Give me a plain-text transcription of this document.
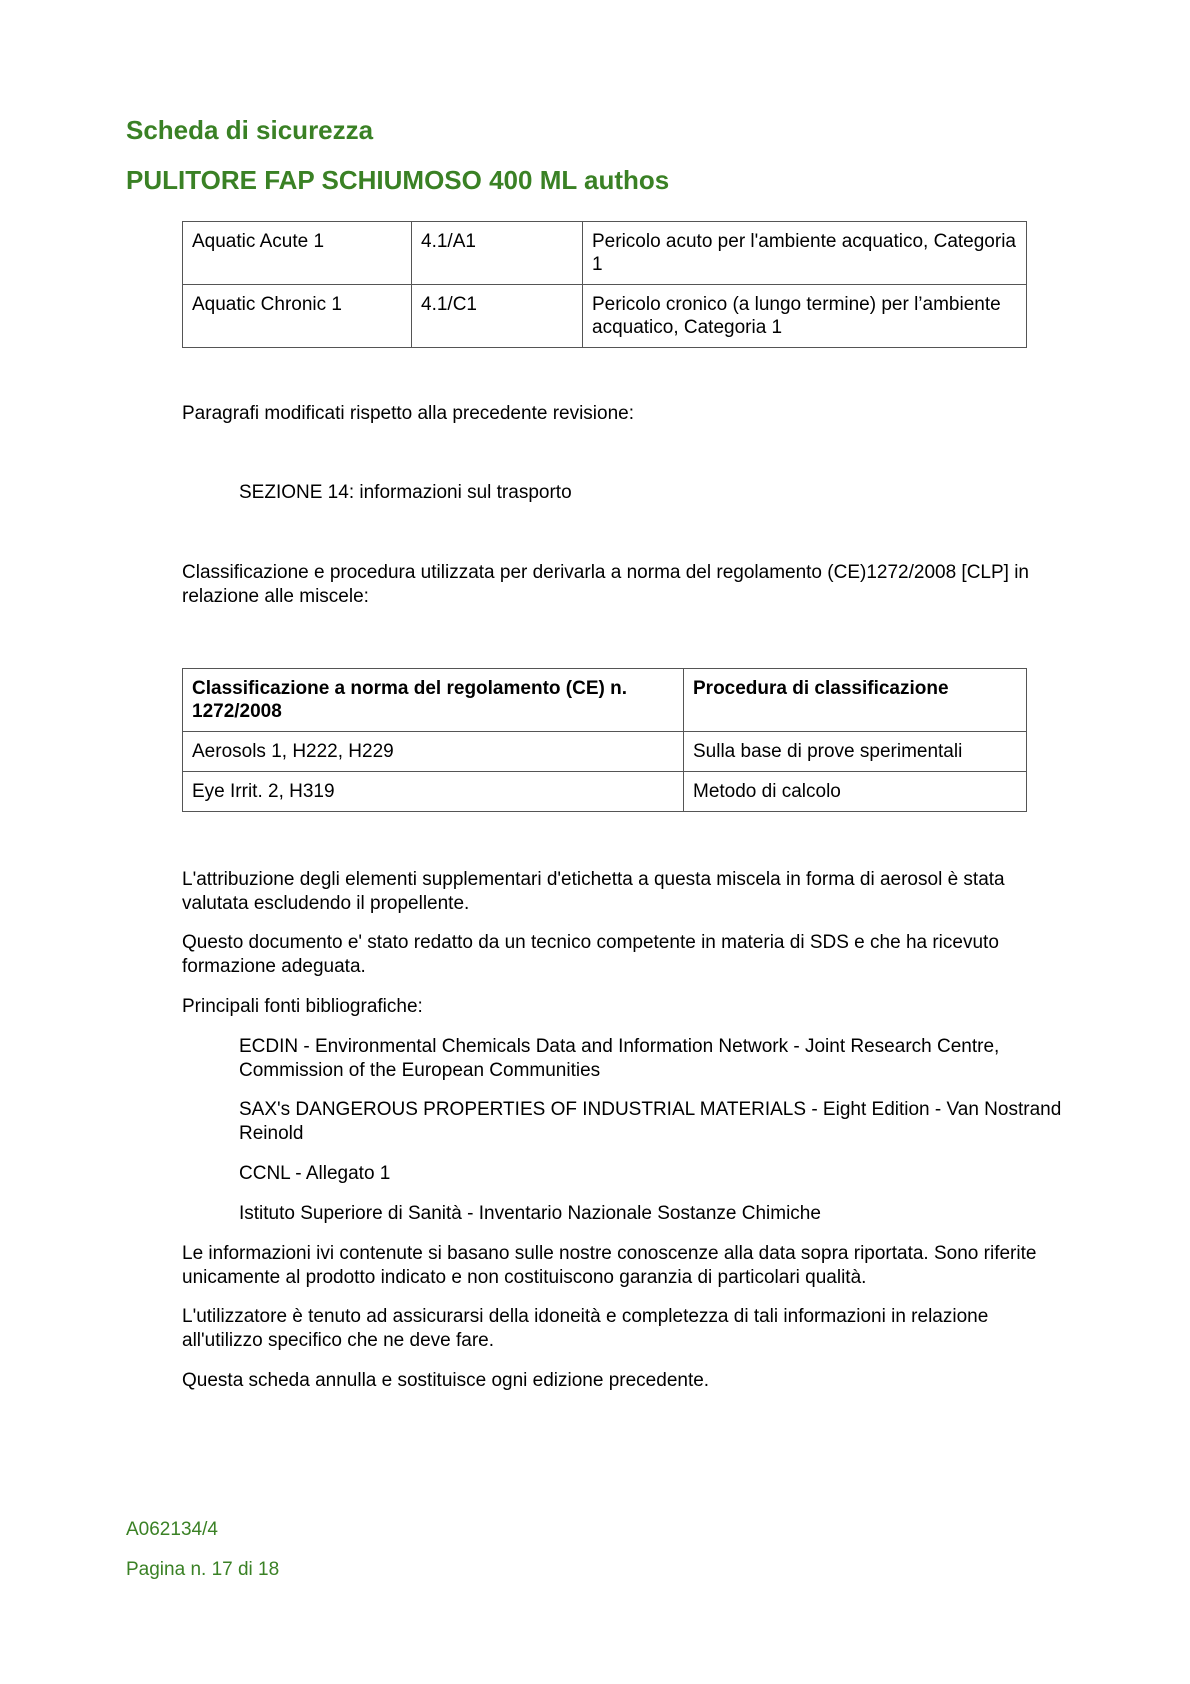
Scheda di sicurezza
PULITORE FAP SCHIUMOSO 400 ML authos
Aquatic Acute 1	4.1/A1	Pericolo acuto per l'ambiente acquatico, Categoria 1
Aquatic Chronic 1	4.1/C1	Pericolo cronico (a lungo termine) per l’ambiente acquatico, Categoria 1
Paragrafi modificati rispetto alla precedente revisione:
SEZIONE 14: informazioni sul trasporto
Classificazione e procedura utilizzata per derivarla a norma del regolamento (CE)1272/2008 [CLP] in relazione alle miscele:
Classificazione a norma del regolamento (CE) n. 1272/2008	Procedura di classificazione
Aerosols 1, H222, H229	Sulla base di prove sperimentali
Eye Irrit. 2, H319	Metodo di calcolo
L'attribuzione degli elementi supplementari d'etichetta a questa miscela in forma di aerosol è stata valutata escludendo il propellente.
Questo documento e' stato redatto da un tecnico competente in materia di SDS e che ha ricevuto formazione adeguata.
Principali fonti bibliografiche:
ECDIN - Environmental Chemicals Data and Information Network - Joint Research Centre, Commission of the European Communities
SAX's DANGEROUS PROPERTIES OF INDUSTRIAL MATERIALS - Eight Edition - Van Nostrand Reinold
CCNL - Allegato 1
Istituto Superiore di Sanità - Inventario Nazionale Sostanze Chimiche
Le informazioni ivi contenute si basano sulle nostre conoscenze alla data sopra riportata. Sono riferite unicamente al prodotto indicato e non costituiscono garanzia di particolari qualità.
L'utilizzatore è tenuto ad assicurarsi della idoneità e completezza di tali informazioni in relazione all'utilizzo specifico che ne deve fare.
Questa scheda annulla e sostituisce ogni edizione precedente.
A062134/4
Pagina n. 17 di 18
